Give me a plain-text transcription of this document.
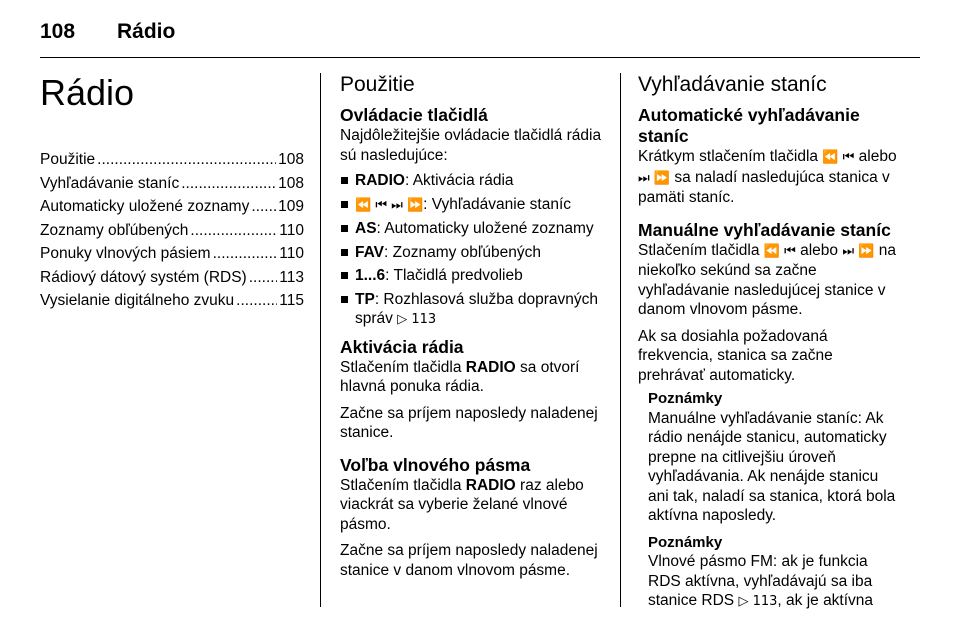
108 Rádio
Rádio
Použitie .....	108
Vyhľadávanie staníc .....	108
Automaticky uložené zoznamy ..... 109
Zoznamy obľúbených .....	110
Ponuky vlnových pásiem .....	110
Rádiový dátový systém (RDS) ..... 113
Vysielanie digitálneho zvuku .....	115
Použitie
Ovládacie tlačidlá

Najdôležitejšie ovládacie tlačidlá rádia sú nasledujúce:

RADIO: Aktivácia rádia
⏪ ⏮ ⏭ ⏩: Vyhľadávanie staníc
AS: Automaticky uložené zoznamy
FAV: Zoznamy obľúbených
1...6: Tlačidlá predvolieb
TP: Rozhlasová služba dopravných správ ▷ 113
Aktivácia rádia

Stlačením tlačidla RADIO sa otvorí hlavná ponuka rádia.

Začne sa príjem naposledy naladenej stanice.

Voľba vlnového pásma

Stlačením tlačidla RADIO raz alebo viackrát sa vyberie želané vlnové pásmo.

Začne sa príjem naposledy naladenej stanice v danom vlnovom pásme.

Vyhľadávanie staníc
Automatické vyhľadávanie staníc

Krátkym stlačením tlačidla ⏪ ⏮ alebo ⏭ ⏩ sa naladí nasledujúca stanica v pamäti staníc.

Manuálne vyhľadávanie staníc

Stlačením tlačidla ⏪ ⏮ alebo ⏭ ⏩ na niekoľko sekúnd sa začne vyhľadávanie nasledujúcej stanice v danom vlnovom pásme.

Ak sa dosiahla požadovaná frekvencia, stanica sa začne prehrávať automaticky.

Poznámky

Manuálne vyhľadávanie staníc: Ak rádio nenájde stanicu, automaticky prepne na citlivejšiu úroveň vyhľadávania. Ak nenájde stanicu ani tak, naladí sa stanica, ktorá bola aktívna naposledy.

Poznámky

Vlnové pásmo FM: ak je funkcia RDS aktívna, vyhľadávajú sa iba stanice RDS ▷ 113, ak je aktívna
